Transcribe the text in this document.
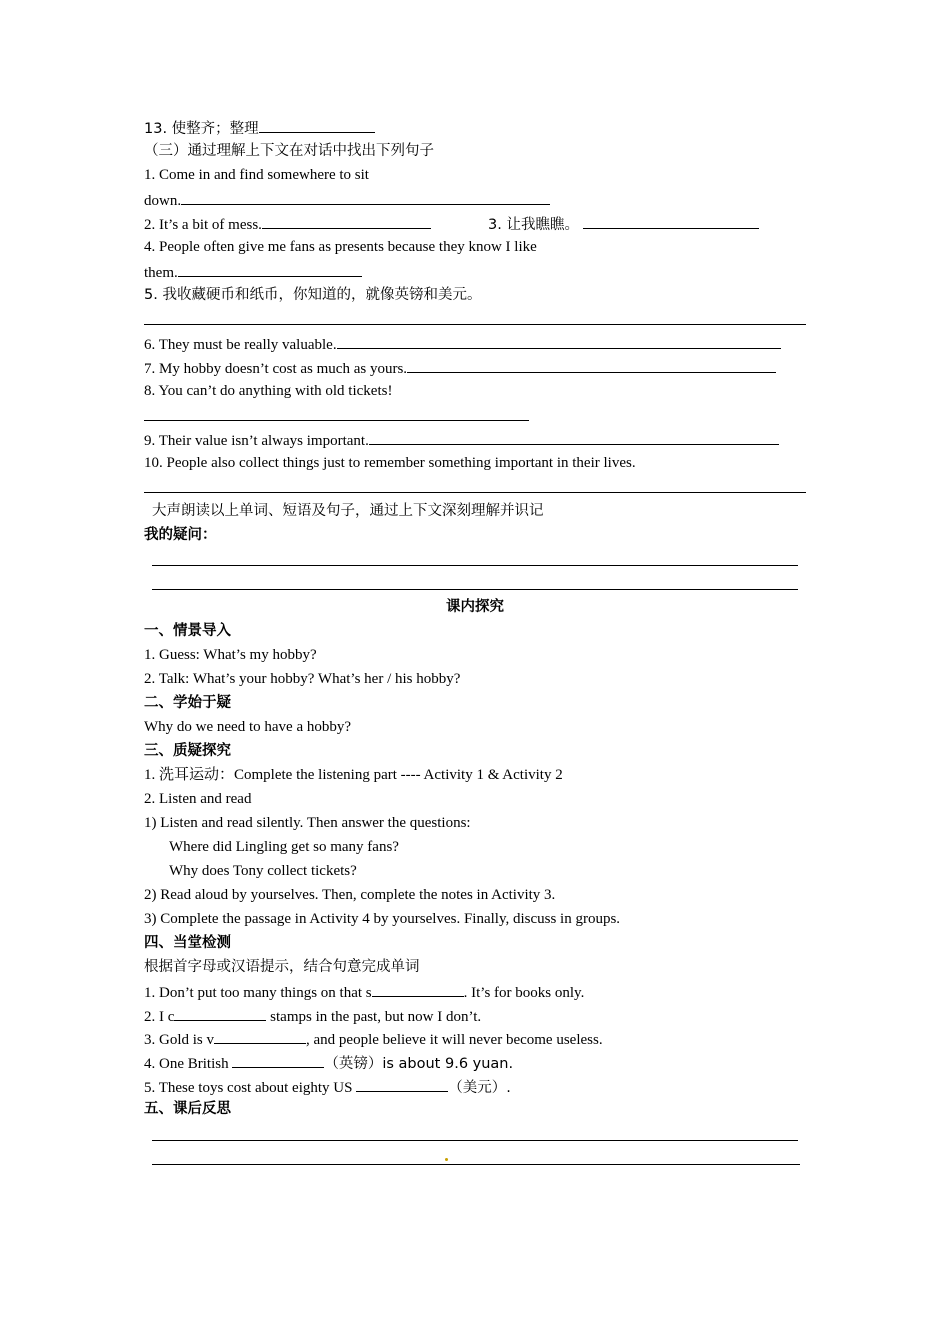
13. 使整齐；整理
（三）通过理解上下文在对话中找出下列句子
1. Come in and find somewhere to sit
down.
2. It’s a bit of mess.	3. 让我瞧瞧。
4. People often give me fans as presents because they know I like
them.
5. 我收藏硬币和纸币，你知道的，就像英镑和美元。
6. They must be really valuable.
7. My hobby doesn’t cost as much as yours.
8. You can’t do anything with old tickets!
9. Their value isn’t always important.
10. People also collect things just to remember something important in their lives.
大声朗读以上单词、短语及句子，通过上下文深刻理解并识记
我的疑问：
课内探究
一、情景导入
1. Guess: What’s my hobby?
2. Talk: What’s your hobby? What’s her / his hobby?
二、学始于疑
Why do we need to have a hobby?
三、质疑探究
1. 洗耳运动：Complete the listening part ---- Activity 1 & Activity 2
2. Listen and read
1) Listen and read silently. Then answer the questions:
Where did Lingling get so many fans?
Why does Tony collect tickets?
2) Read aloud by yourselves. Then, complete the notes in Activity 3.
3) Complete the passage in Activity 4 by yourselves. Finally, discuss in groups.
四、当堂检测
根据首字母或汉语提示，结合句意完成单词
1. Don’t put too many things on that s	. It’s for books only.
2. I c	stamps in the past, but now I don’t.
3. Gold is v	, and people believe it will never become useless.
4. One British	（英镑）is about 9.6 yuan.
5. These toys cost about eighty US	（美元）.
五、课后反思
